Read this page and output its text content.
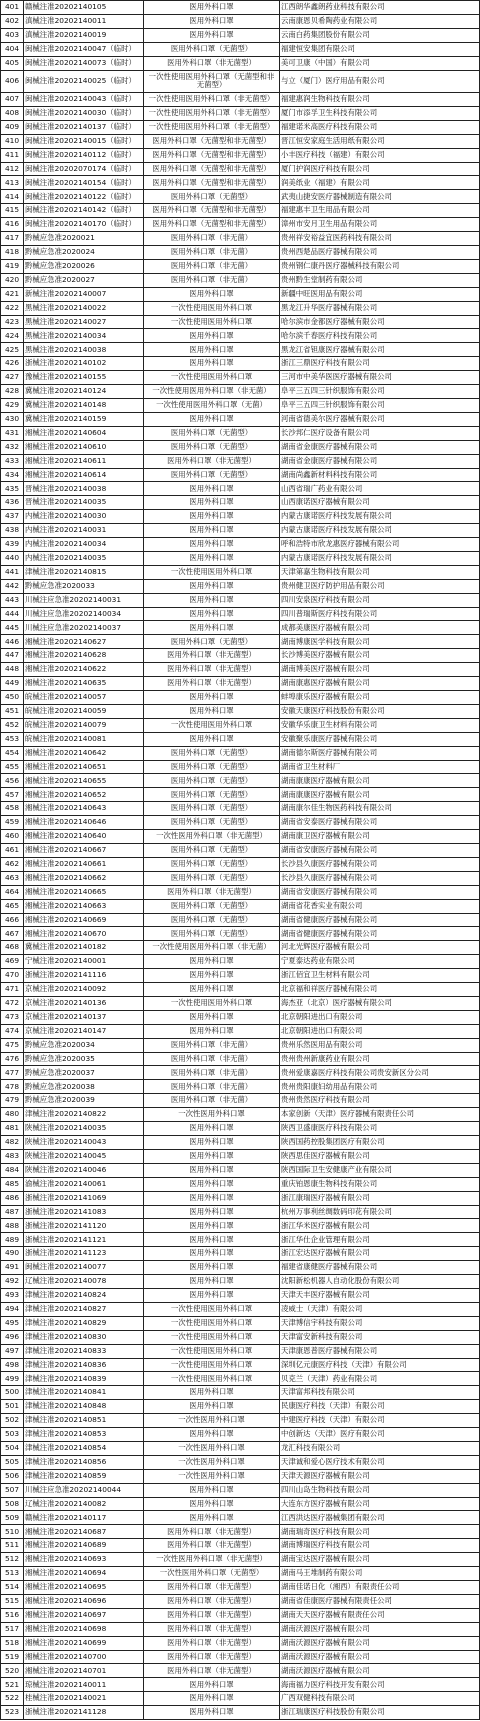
401	赣械注准20202140105	医用外科口罩	江西朗华鑫朗药业科技有限公司
402	滇械注准20202140011	医用外科口罩	云南康恩贝希陶药业有限公司
403	滇械注准20202140019	医用外科口罩	云南白药集团股份有限公司
404	闽械注准20202140047（临时）	医用外科口罩（无菌型）	福建恒安集团有限公司
405	闽械注准20202140073（临时）	医用外科口罩（非无菌型）	美可卫康（中国）有限公司
406	闽械注准20202140025（临时）	一次性使用医用外科口罩（无菌型和非无菌型）	与立（厦门）医疗用品有限公司
407	闽械注准20202140043（临时）	一次性使用医用外科口罩（非无菌型）	福建惠润生物科技有限公司
408	闽械注准20202140030（临时）	一次性使用医用外科口罩（非无菌型）	厦门市添孚卫生科技有限公司
409	闽械注准20202140137（临时）	一次性使用医用外科口罩（非无菌型）	福建诺米高医疗科技有限公司
410	闽械注准20202140015（临时）	医用外科口罩（无菌型和非无菌型）	晋江恒安家庭生活用纸有限公司
411	闽械注准20202140112（临时）	医用外科口罩（无菌型和非无菌型）	小丰医疗科技（福建）有限公司
412	闽械注准20202070174（临时）	医用外科口罩（无菌型和非无菌型）	厦门护润医疗科技有限公司
413	闽械注准20202140154（临时）	医用外科口罩（无菌型和非无菌型）	润美纸业（福建）有限公司
414	闽械注准20202140122（临时）	医用外科口罩（无菌型）	武夷山捷安医疗器械制造有限公司
415	闽械注准20202140142（临时）	医用外科口罩（无菌型和非无菌型）	福建惠丰卫生用品有限公司
416	闽械注准20202140170（临时）	医用外科口罩（无菌型和非无菌型）	漳州市安月卫生用品有限公司
417	黔械应急准2020021	医用外科口罩（非无菌）	贵州祥安裕益宜医药科技有限公司
418	黔械应急准2020024	医用外科口罩（非无菌）	贵州西楚品医疗器械有限公司
419	黔械应急准2020026	医用外科口罩（非无菌）	贵州钢仁康丹医疗器械科技有限公司
420	黔械应急准2020027	医用外科口罩（非无菌）	贵州黔生堂制药有限公司
421	新械注准20202140007	医用外科口罩	新疆中旺医用品有限公司
422	黑械注准20202140022	一次性使用医用外科口罩	黑龙江升华医疗器械有限公司
423	黑械注准20202140027	一次性使用医用外科口罩	哈尔滨市金都医疗器械有限公司
424	黑械注准20202140034	医用外科口罩	哈尔滨千春医疗科技有限公司
425	黑械注准20202140038	医用外科口罩	黑龙江省钽康医疗器械有限公司
426	浙械注准20202140102	医用外科口罩	浙江三鼎医疗科技有限公司
427	豫械注准20202140155	一次性使用医用外科口罩	三河市中美华医医疗器械有限公司
428	冀械注准20202140124	一次性使用医用外科口罩（非无菌）	阜平三五四三针织服饰有限公司
429	冀械注准20202140148	一次性使用医用外科口罩（无菌）	阜平三五四三针织服饰有限公司
430	冀械注准20202140159	医用外科口罩	河南省德美尔医疗器械有限公司
431	湘械注准20202140604	医用外科口罩（无菌型）	长沙邦仁医疗设备有限公司
432	湘械注准20202140610	医用外科口罩（无菌型）	湖南省金康医疗器械有限公司
433	湘械注准20202140611	医用外科口罩（非无菌型）	湖南省金康医疗器械有限公司
434	湘械注准20202140614	医用外科口罩（无菌型）	湖南尚鑫新材料科技有限公司
435	晋械注准20202140038	医用外科口罩	山西省瑞广药业有限公司
436	晋械注准20202140035	医用外科口罩	山西康诺医疗器械有限公司
437	内械注准20202140030	医用外科口罩	内蒙古康诺医疗科技发展有限公司
438	内械注准20202140031	医用外科口罩	内蒙古康诺医疗科技发展有限公司
439	内械注准20202140034	医用外科口罩	呼和浩特市欣龙惠医疗器械有限公司
440	内械注准20202140035	医用外科口罩	内蒙古康诺医疗科技发展有限公司
441	津械注准20202140815	一次性使用医用外科口罩	天津第嘉生物科技有限公司
442	黔械应急准2020033	医用外科口罩	贵州健卫医疗防护用品有限公司
443	川械注应急准20202140031	医用外科口罩	四川安泉医疗科技有限公司
444	川械注应急准20202140034	医用外科口罩	四川普瑞斯医疗科技有限公司
445	川械注应急准20202140037	医用外科口罩	成都美康医疗器械有限公司
446	湘械注准20202140627	医用外科口罩（无菌型）	湖南博康医学科技有限公司
447	湘械注准20202140628	医用外科口罩（非无菌型）	长沙博美医疗器械有限公司
448	湘械注准20202140622	医用外科口罩（非无菌型）	湖南博美医疗器械有限公司
449	湘械注准20202140635	医用外科口罩（非无菌型）	湖南康惠医疗器械有限公司
450	皖械注准20202140057	医用外科口罩	蚌埠康乐医疗器械有限公司
451	皖械注准20202140059	医用外科口罩	安徽天康医疗科技股份有限公司
452	皖械注准20202140079	一次性使用医用外科口罩	安徽华乐康卫生材料有限公司
453	皖械注准20202140081	医用外科口罩	安徽聚乐康医疗器械有限公司
454	湘械注准20202140642	医用外科口罩（无菌型）	湖南德尔斯医疗器械有限公司
455	湘械注准20202140651	医用外科口罩（无菌型）	湖南省卫生材料厂
456	湘械注准20202140655	医用外科口罩（无菌型）	湖南康康医疗器械有限公司
457	湘械注准20202140652	医用外科口罩（无菌型）	湖南康康医疗器械有限公司
458	湘械注准20202140643	医用外科口罩（无菌型）	湖南康尔佳生物医药科技有限公司
459	湘械注准20202140646	医用外科口罩（无菌型）	湖南省安泰医疗器械有限公司
460	湘械注准20202140640	一次性医用外科口罩（非无菌型）	湖南康卫医疗器械有限公司
461	湘械注准20202140667	医用外科口罩（无菌型）	湖南省安康医疗器械有限公司
462	湘械注准20202140661	医用外科口罩（无菌型）	长沙县久康医疗器械有限公司
463	湘械注准20202140662	医用外科口罩（无菌型）	长沙县久康医疗器械有限公司
464	湘械注准20202140665	医用外科口罩（非无菌型）	湖南省安康医疗器械有限公司
465	湘械注准20202140663	医用外科口罩（无菌型）	湖南省花香实业有限公司
466	湘械注准20202140669	医用外科口罩（无菌型）	湖南省健康医疗器械有限公司
467	湘械注准20202140670	医用外科口罩（无菌型）	湖南省健康医疗器械有限公司
468	冀械注准20202140182	一次性使用医用外科口罩（非无菌）	河北光辉医疗器械有限公司
469	宁械注准20202140001	医用外科口罩	宁夏泰达药业有限公司
470	浙械注准20202141116	医用外科口罩	浙江佰宜卫生材料有限公司
471	京械注准20202140092	医用外科口罩	北京福和祥医疗器械有限公司
472	京械注准20202140136	一次性使用医用外科口罩	海杰亚（北京）医疗器械有限公司
473	京械注准20202140137	医用外科口罩	北京朝阳进出口有限公司
474	京械注准20202140147	医用外科口罩	北京朝阳进出口有限公司
475	黔械应急准2020034	医用外科口罩（非无菌）	贵州乐然医用品有限公司
476	黔械应急准2020035	医用外科口罩（非无菌）	贵州贵州新康药业有限公司
477	黔械应急准2020037	医用外科口罩（非无菌）	贵州爱康嘉医疗科技有限公司贵安新区分公司
478	黔械应急准2020038	医用外科口罩（非无菌）	贵州贵阳康妇幼用品有限公司
479	黔械应急准2020039	医用外科口罩（非无菌）	贵州贵然医疗科技有限公司
480	津械注准20202140822	一次性医用外科口罩	本家创新（天津）医疗器械有限责任公司
481	陕械注准20202140035	医用外科口罩	陕西卫盛康医疗科技有限公司
482	陕械注准20202140043	医用外科口罩	陕西国药控股集团医疗有限公司
483	陕械注准20202140045	医用外科口罩	陕西思佳医疗器械有限公司
484	陕械注准20202140046	医用外科口罩	陕西国际卫生安健康产业有限公司
485	渝械注准20202140061	医用外科口罩	重庆铂恩康生物科技有限公司
486	浙械注准20202141069	医用外科口罩	浙江康瑞医疗器械有限公司
487	浙械注准20202141083	医用外科口罩	杭州万事利丝绸数码印花有限公司
488	浙械注准20202141120	医用外科口罩	浙江华米医疗器械有限公司
489	浙械注准20202141121	医用外科口罩	浙江华仕企业管理有限公司
490	浙械注准20202141123	医用外科口罩	浙江宏达医疗器械有限公司
491	闽械注准20202140077	医用外科口罩	福建省康健医疗器械有限公司
492	辽械注准20202140078	医用外科口罩	沈阳新松机器人自动化股份有限公司
493	津械注准20202140824	医用外科口罩	天津天丰医疗器械有限公司
494	津械注准20202140827	一次性使用医用外科口罩	凌威士（天津）有限公司
495	津械注准20202140829	一次性使用医用外科口罩	天津博信宇科技有限公司
496	津械注准20202140830	一次性使用医用外科口罩	天津富安新科技有限公司
497	津械注准20202140833	一次性使用医用外科口罩	天津康恩普医疗器械有限公司
498	津械注准20202140836	一次性使用医用外科口罩	深圳亿元康医疗科技（天津）有限公司
499	津械注准20202140839	一次性使用医用外科口罩	贝克兰（天津）药业有限公司
500	津械注准20202140841	医用外科口罩	天津富邦科技有限公司
501	津械注准20202140848	医用外科口罩	民康医疗科技（天津）有限公司
502	津械注准20202140851	一次性医用外科口罩	中建医疗科技（天津）有限公司
503	津械注准20202140853	医用外科口罩	中创新达（天津）医疗有限公司
504	津械注准20202140854	一次性医用外科口罩	龙汇科技有限公司
505	津械注准20202140856	一次性医用外科口罩	天津诚和爱心医疗技术有限公司
506	津械注准20202140859	一次性医用外科口罩	天津天源医疗器械有限公司
507	川械注应急准20202140044	医用外科口罩	四川山岛生物科技有限公司
508	辽械注准20202140082	医用外科口罩	大连东方医疗器械有限公司
509	赣械注准20202140117	医用外科口罩	江西洪达医疗器械集团有限公司
510	湘械注准20202140687	医用外科口罩（非无菌型）	湖南瑞奇医疗科技有限公司
511	湘械注准20202140689	医用外科口罩（非无菌型）	湖南博瑞医疗科技有限公司
512	湘械注准20202140693	一次性医用外科口罩（非无菌型）	湖南宝达医疗器械有限公司
513	湘械注准20202140694	一次性医用外科口罩（无菌型）	湖南马王堆制药有限公司
514	湘械注准20202140695	医用外科口罩（非无菌型）	湖南佳诺日化（湘西）有限责任公司
515	湘械注准20202140696	医用外科口罩（非无菌型）	湖南省佳康医疗器械有限责任公司
516	湘械注准20202140697	医用外科口罩（非无菌型）	湖南天天医疗器械有限责任公司
517	湘械注准20202140698	医用外科口罩（非无菌型）	湖南沃源医疗器械有限公司
518	湘械注准20202140699	医用外科口罩（非无菌型）	湖南沃源医疗器械有限公司
519	湘械注准20202140700	医用外科口罩（非无菌型）	湖南沃源医疗器械有限公司
520	湘械注准20202140701	医用外科口罩（非无菌型）	湖南沃源医疗器械有限公司
521	琼械注准20202140011	医用外科口罩	海南福力医疗科技开发有限公司
522	桂械注准20202140021	医用外科口罩	广西双健科技有限公司
523	浙械注准20202141128	医用外科口罩	浙江瑞康医疗科技股份有限公司
